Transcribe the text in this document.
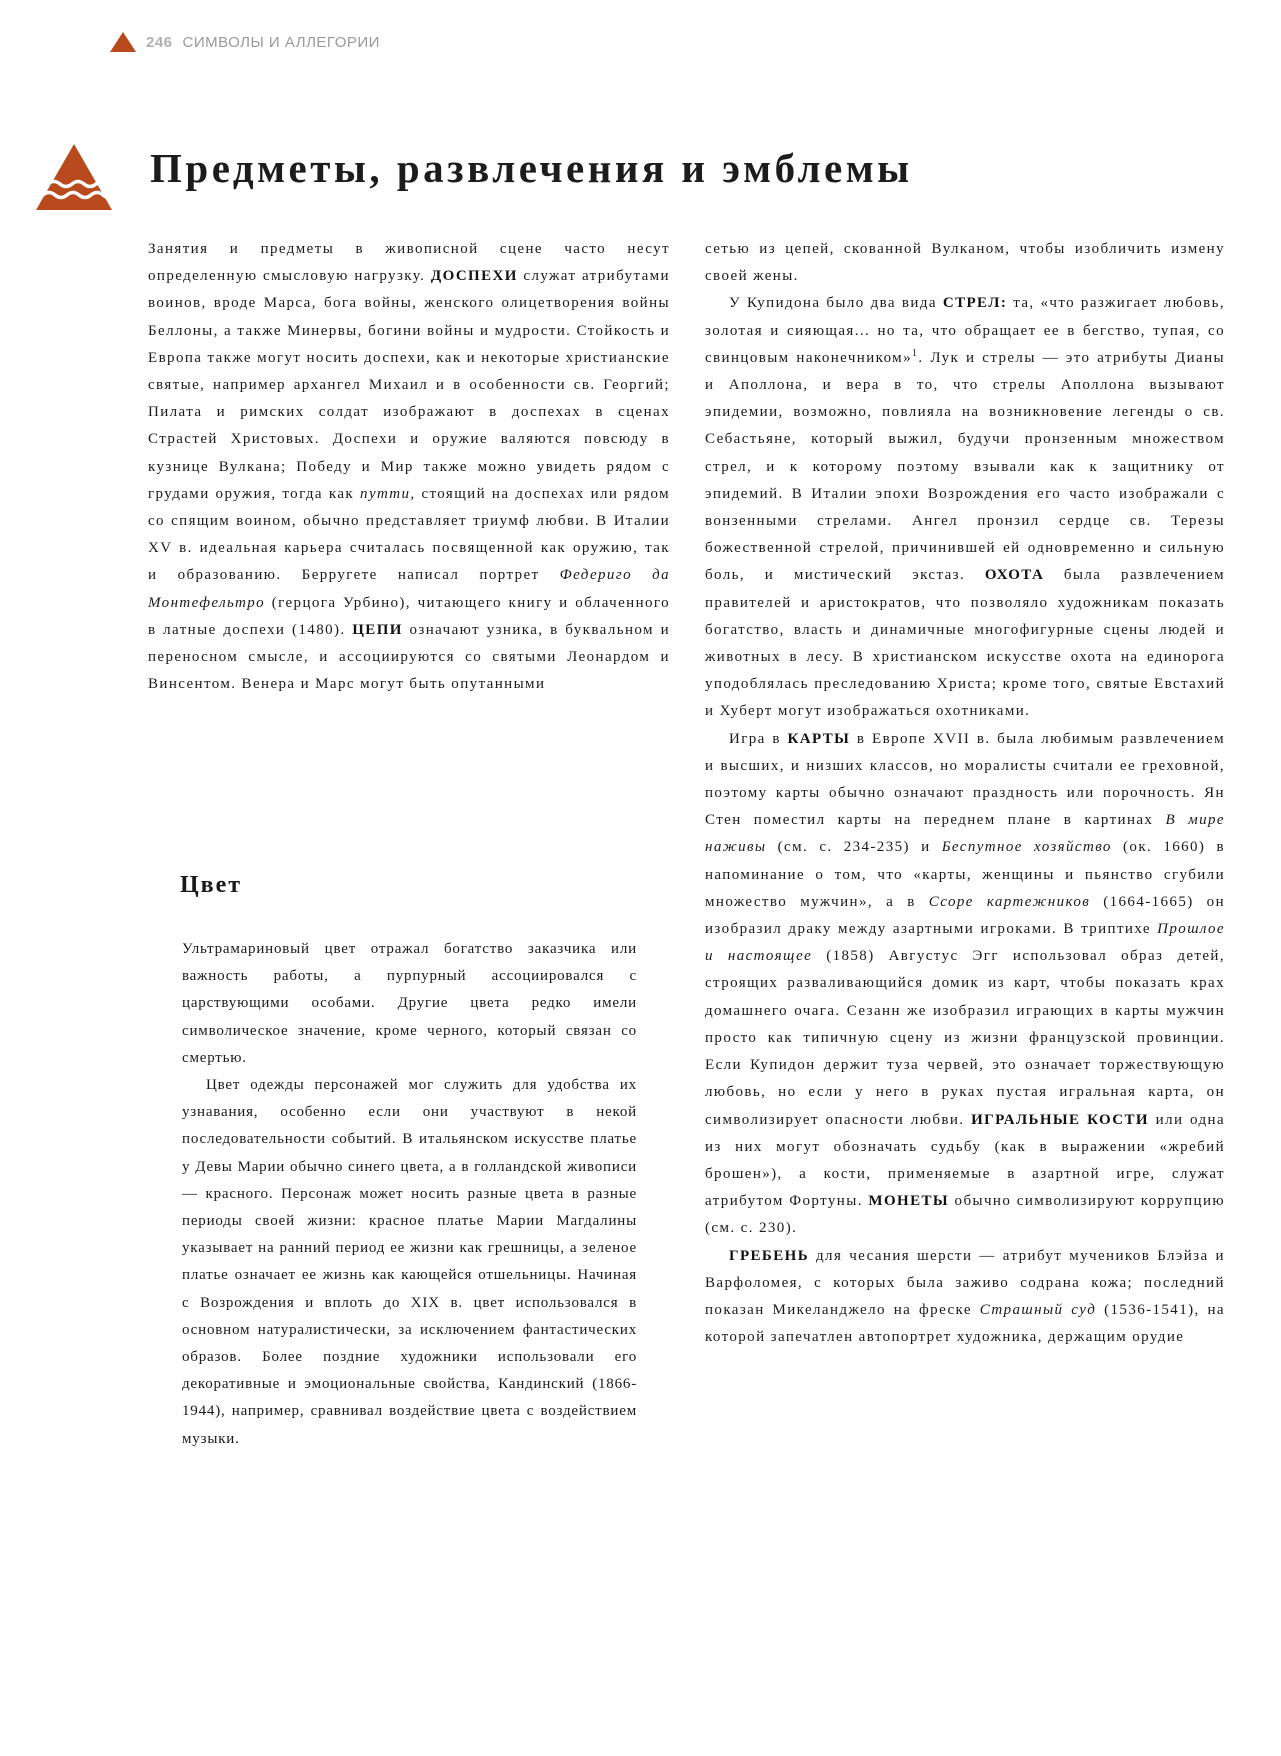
246 СИМВОЛЫ И АЛЛЕГОРИИ
Предметы, развлечения и эмблемы

Занятия и предметы в живописной сцене часто несут определенную смысловую нагрузку. ДОСПЕХИ служат атрибутами воинов, вроде Марса, бога войны, женского олицетворения войны Беллоны, а также Минервы, богини войны и мудрости. Стойкость и Европа также могут носить доспехи, как и некоторые христианские святые, например архангел Михаил и в особенности св. Георгий; Пилата и римских солдат изображают в доспехах в сценах Страстей Христовых. Доспехи и оружие валяются повсюду в кузнице Вулкана; Победу и Мир также можно увидеть рядом с грудами оружия, тогда как путти, стоящий на доспехах или рядом со спящим воином, обычно представляет триумф любви. В Италии XV в. идеальная карьера считалась посвященной как оружию, так и образованию. Берругете написал портрет Федериго да Монтефельтро (герцога Урбино), читающего книгу и облаченного в латные доспехи (1480). ЦЕПИ означают узника, в буквальном и переносном смысле, и ассоциируются со святыми Леонардом и Винсентом. Венера и Марс могут быть опутанными

Цвет

Ультрамариновый цвет отражал богатство заказчика или важность работы, а пурпурный ассоциировался с царствующими особами. Другие цвета редко имели символическое значение, кроме черного, который связан со смертью.

Цвет одежды персонажей мог служить для удобства их узнавания, особенно если они участвуют в некой последовательности событий. В итальянском искусстве платье у Девы Марии обычно синего цвета, а в голландской живописи — красного. Персонаж может носить разные цвета в разные периоды своей жизни: красное платье Марии Магдалины указывает на ранний период ее жизни как грешницы, а зеленое платье означает ее жизнь как кающейся отшельницы. Начиная с Возрождения и вплоть до XIX в. цвет использовался в основном натуралистически, за исключением фантастических образов. Более поздние художники использовали его декоративные и эмоциональные свойства, Кандинский (1866-1944), например, сравнивал воздействие цвета с воздействием музыки.

сетью из цепей, скованной Вулканом, чтобы изобличить измену своей жены.

У Купидона было два вида СТРЕЛ: та, «что разжигает любовь, золотая и сияющая... но та, что обращает ее в бегство, тупая, со свинцовым наконечником»$^1$. Лук и стрелы — это атрибуты Дианы и Аполлона, и вера в то, что стрелы Аполлона вызывают эпидемии, возможно, повлияла на возникновение легенды о св. Себастьяне, который выжил, будучи пронзенным множеством стрел, и к которому поэтому взывали как к защитнику от эпидемий. В Италии эпохи Возрождения его часто изображали с вонзенными стрелами. Ангел пронзил сердце св. Терезы божественной стрелой, причинившей ей одновременно и сильную боль, и мистический экстаз. ОХОТА была развлечением правителей и аристократов, что позволяло художникам показать богатство, власть и динамичные многофигурные сцены людей и животных в лесу. В христианском искусстве охота на единорога уподоблялась преследованию Христа; кроме того, святые Евстахий и Хуберт могут изображаться охотниками.

Игра в КАРТЫ в Европе XVII в. была любимым развлечением и высших, и низших классов, но моралисты считали ее греховной, поэтому карты обычно означают праздность или порочность. Ян Стен поместил карты на переднем плане в картинах В мире наживы (см. с. 234-235) и Беспутное хозяйство (ок. 1660) в напоминание о том, что «карты, женщины и пьянство сгубили множество мужчин», а в Ссоре картежников (1664-1665) он изобразил драку между азартными игроками. В триптихе Прошлое и настоящее (1858) Августус Эгг использовал образ детей, строящих разваливающийся домик из карт, чтобы показать крах домашнего очага. Сезанн же изобразил играющих в карты мужчин просто как типичную сцену из жизни французской провинции. Если Купидон держит туза червей, это означает торжествующую любовь, но если у него в руках пустая игральная карта, он символизирует опасности любви. ИГРАЛЬНЫЕ КОСТИ или одна из них могут обозначать судьбу (как в выражении «жребий брошен»), а кости, применяемые в азартной игре, служат атрибутом Фортуны. МОНЕТЫ обычно символизируют коррупцию (см. с. 230).

ГРЕБЕНЬ для чесания шерсти — атрибут мучеников Блэйза и Варфоломея, с которых была заживо содрана кожа; последний показан Микеланджело на фреске Страшный суд (1536-1541), на которой запечатлен автопортрет художника, держащим орудие
